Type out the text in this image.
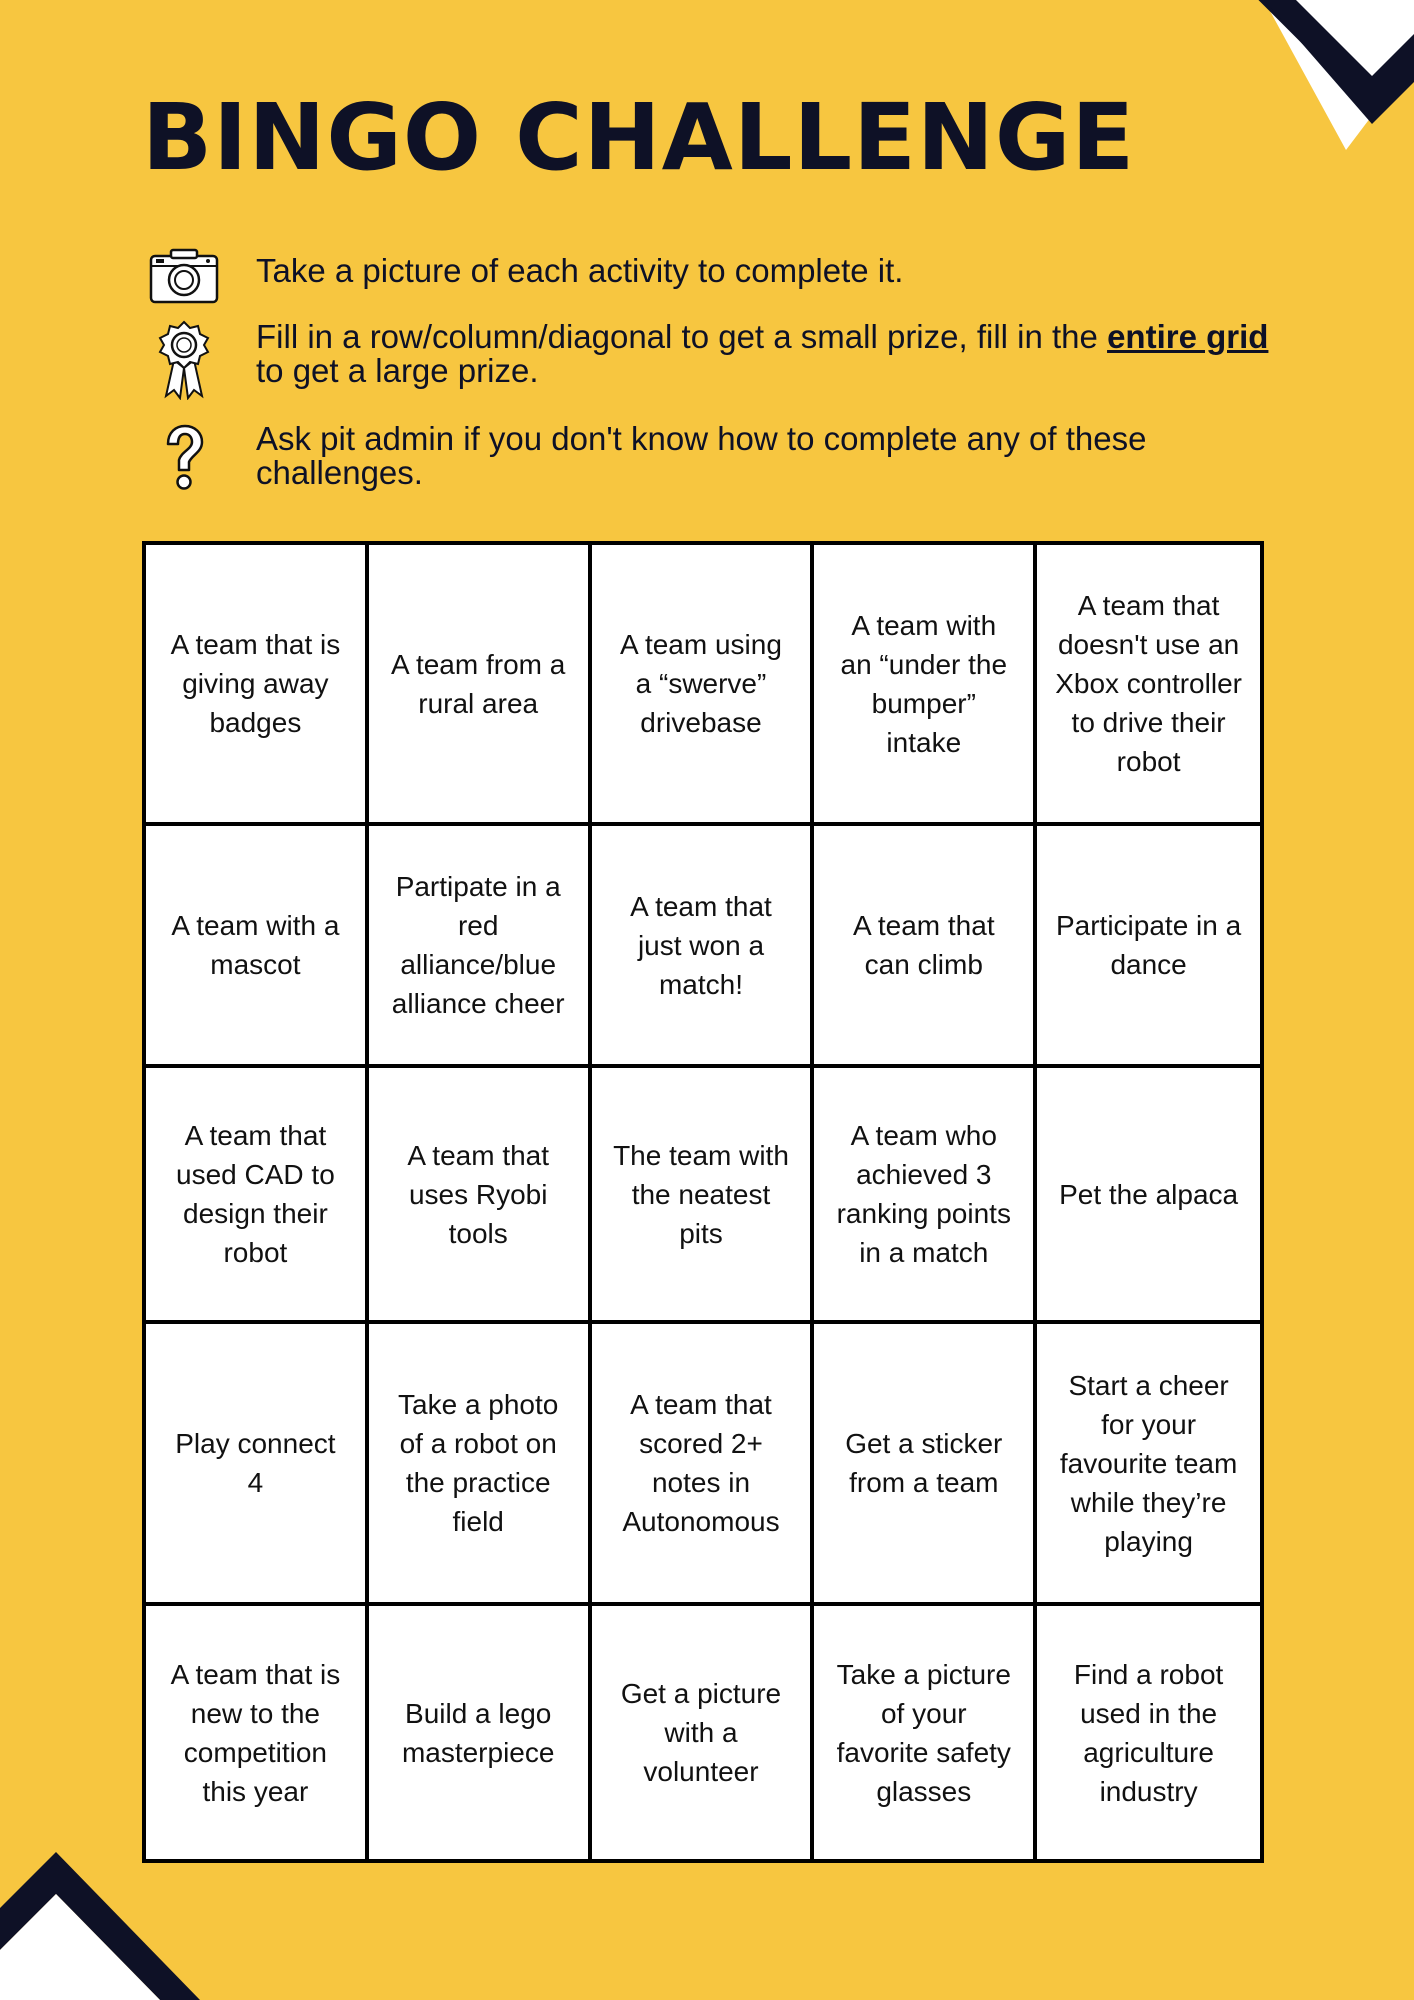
BINGO CHALLENGE
Take a picture of each activity to complete it.
Fill in a row/column/diagonal to get a small prize, fill in the entire grid to get a large prize.
Ask pit admin if you don't know how to complete any of these challenges.
A team that is giving away badges
A team from a rural area
A team using a “swerve” drivebase
A team with an “under the bumper” intake
A team that doesn't use an Xbox controller to drive their robot
A team with a mascot
Partipate in a red alliance/blue alliance cheer
A team that just won a match!
A team that can climb
Participate in a dance
A team that used CAD to design their robot
A team that uses Ryobi tools
The team with the neatest pits
A team who achieved 3 ranking points in a match
Pet the alpaca
Play connect 4
Take a photo of a robot on the practice field
A team that scored 2+ notes in Autonomous
Get a sticker from a team
Start a cheer for your favourite team while they’re playing
A team that is new to the competition this year
Build a lego masterpiece
Get a picture with a volunteer
Take a picture of your favorite safety glasses
Find a robot used in the agriculture industry
